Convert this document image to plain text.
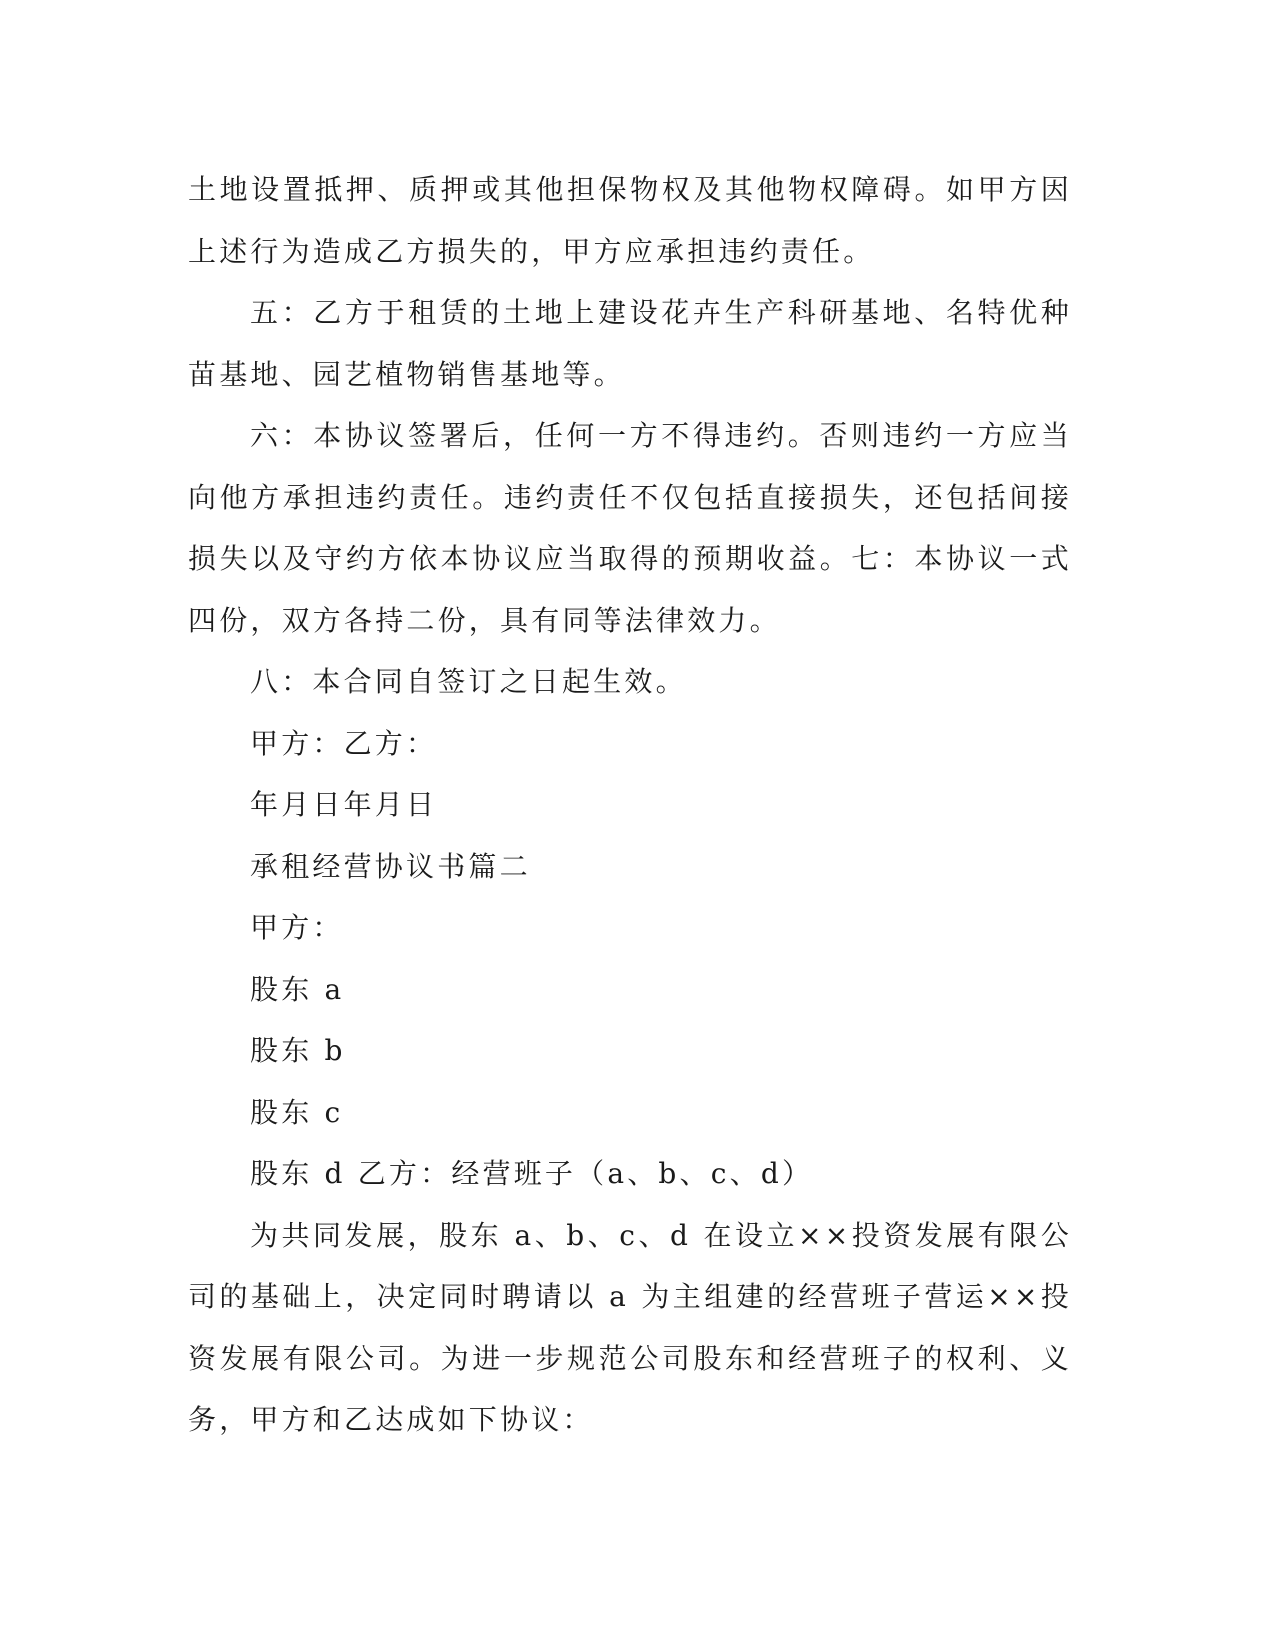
土地设置抵押、质押或其他担保物权及其他物权障碍。如甲方因上述行为造成乙方损失的，甲方应承担违约责任。

五：乙方于租赁的土地上建设花卉生产科研基地、名特优种苗基地、园艺植物销售基地等。

六：本协议签署后，任何一方不得违约。否则违约一方应当向他方承担违约责任。违约责任不仅包括直接损失，还包括间接损失以及守约方依本协议应当取得的预期收益。七：本协议一式四份，双方各持二份，具有同等法律效力。

八：本合同自签订之日起生效。

甲方：乙方：

年月日年月日

承租经营协议书篇二

甲方：

股东 a

股东 b

股东 c

股东 d 乙方：经营班子（a、b、c、d）

为共同发展，股东 a、b、c、d 在设立××投资发展有限公司的基础上，决定同时聘请以 a 为主组建的经营班子营运××投资发展有限公司。为进一步规范公司股东和经营班子的权利、义务，甲方和乙达成如下协议：
